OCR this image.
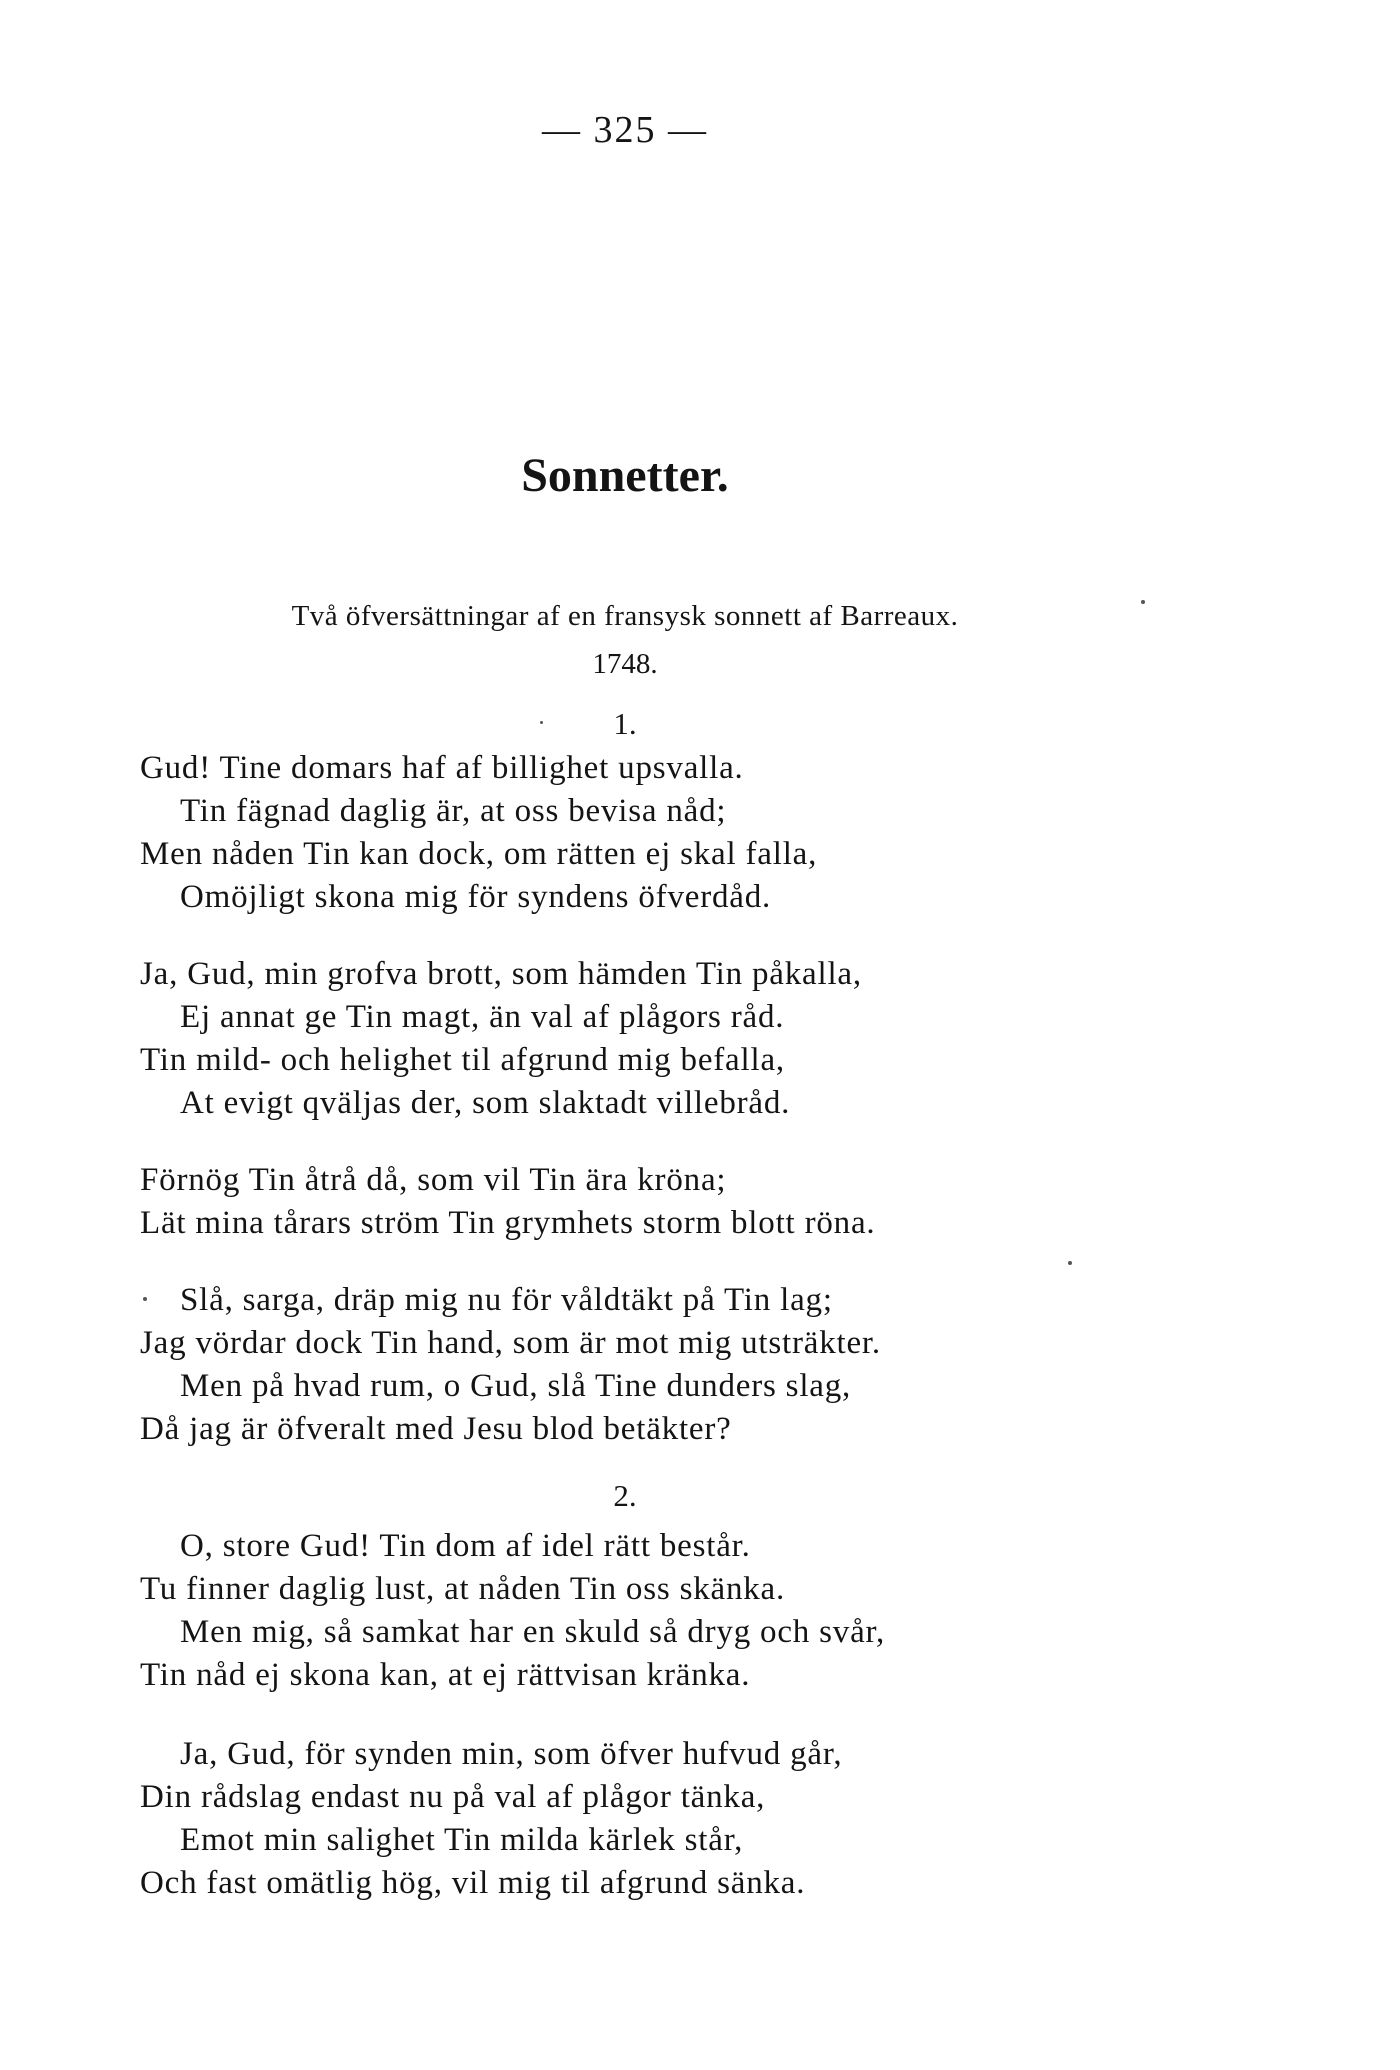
— 325 —
Sonnetter.
Två öfversättningar af en fransysk sonnett af Barreaux.
1748.
1.
Gud! Tine domars haf af billighet upsvalla.
Tin fägnad daglig är, at oss bevisa nåd;
Men nåden Tin kan dock, om rätten ej skal falla,
Omöjligt skona mig för syndens öfverdåd.
Ja, Gud, min grofva brott, som hämden Tin påkalla,
Ej annat ge Tin magt, än val af plågors råd.
Tin mild- och helighet til afgrund mig befalla,
At evigt qväljas der, som slaktadt villebråd.
Förnög Tin åtrå då, som vil Tin ära kröna;
Lät mina tårars ström Tin grymhets storm blott röna.
Slå, sarga, dräp mig nu för våldtäkt på Tin lag;
Jag vördar dock Tin hand, som är mot mig utsträkter.
Men på hvad rum, o Gud, slå Tine dunders slag,
Då jag är öfveralt med Jesu blod betäkter?
2.
O, store Gud! Tin dom af idel rätt består.
Tu finner daglig lust, at nåden Tin oss skänka.
Men mig, så samkat har en skuld så dryg och svår,
Tin nåd ej skona kan, at ej rättvisan kränka.
Ja, Gud, för synden min, som öfver hufvud går,
Din rådslag endast nu på val af plågor tänka,
Emot min salighet Tin milda kärlek står,
Och fast omätlig hög, vil mig til afgrund sänka.
